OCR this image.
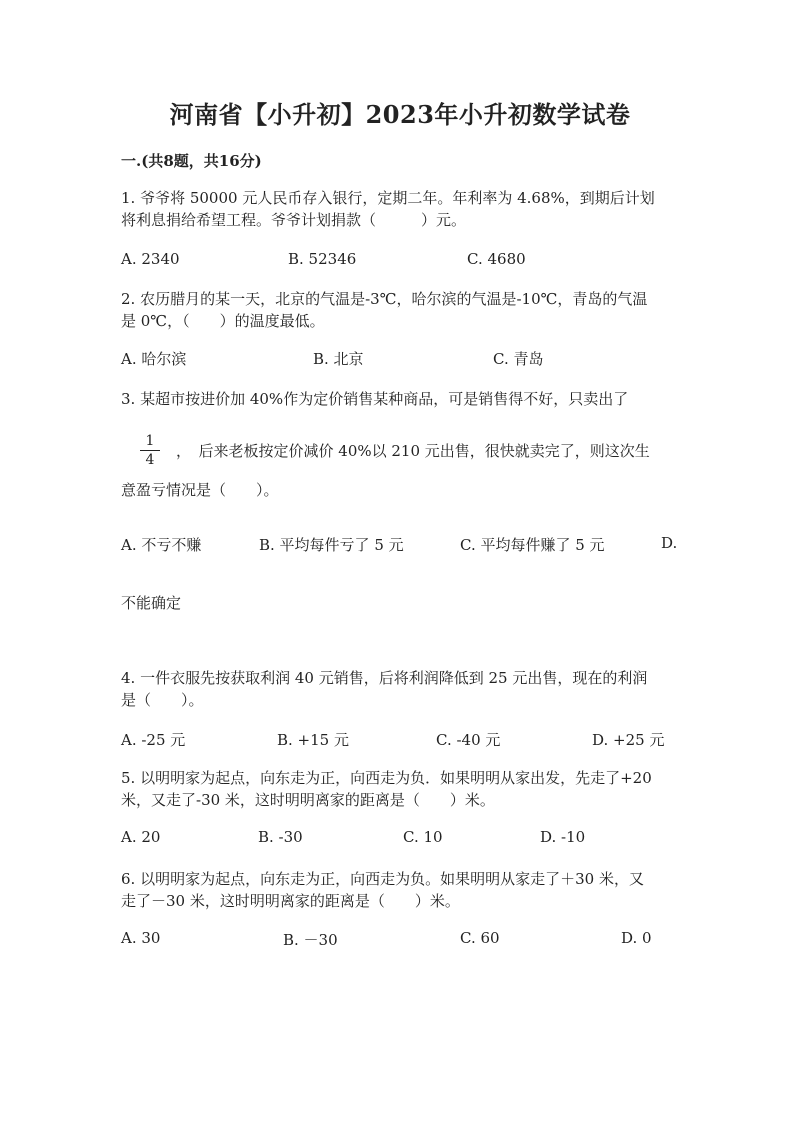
河南省【小升初】2023年小升初数学试卷
一.(共8题，共16分)
1. 爷爷将 50000 元人民币存入银行，定期二年。年利率为 4.68%，到期后计划
将利息捐给希望工程。爷爷计划捐款（　　　）元。
A. 2340	B. 52346	C. 4680
2. 农历腊月的某一天，北京的气温是-3℃，哈尔滨的气温是-10℃，青岛的气温
是 0℃，（　　）的温度最低。
A. 哈尔滨	B. 北京	C. 青岛
3. 某超市按进价加 40%作为定价销售某种商品，可是销售得不好，只卖出了
1
4	，　后来老板按定价减价 40%以 210 元出售，很快就卖完了，则这次生
意盈亏情况是（　　）。
A. 不亏不赚	B. 平均每件亏了 5 元	C. 平均每件赚了 5 元	D.
不能确定
4. 一件衣服先按获取利润 40 元销售，后将利润降低到 25 元出售，现在的利润
是（　　）。
A. -25 元	B. +15 元	C. -40 元	D. +25 元
5. 以明明家为起点，向东走为正，向西走为负．如果明明从家出发，先走了+20
米，又走了-30 米，这时明明离家的距离是（　　）米。
A. 20	B. -30	C. 10	D. -10
6. 以明明家为起点，向东走为正，向西走为负。如果明明从家走了＋30 米，又
走了－30 米，这时明明离家的距离是（　　）米。
A. 30	B. －30	C. 60	D. 0
